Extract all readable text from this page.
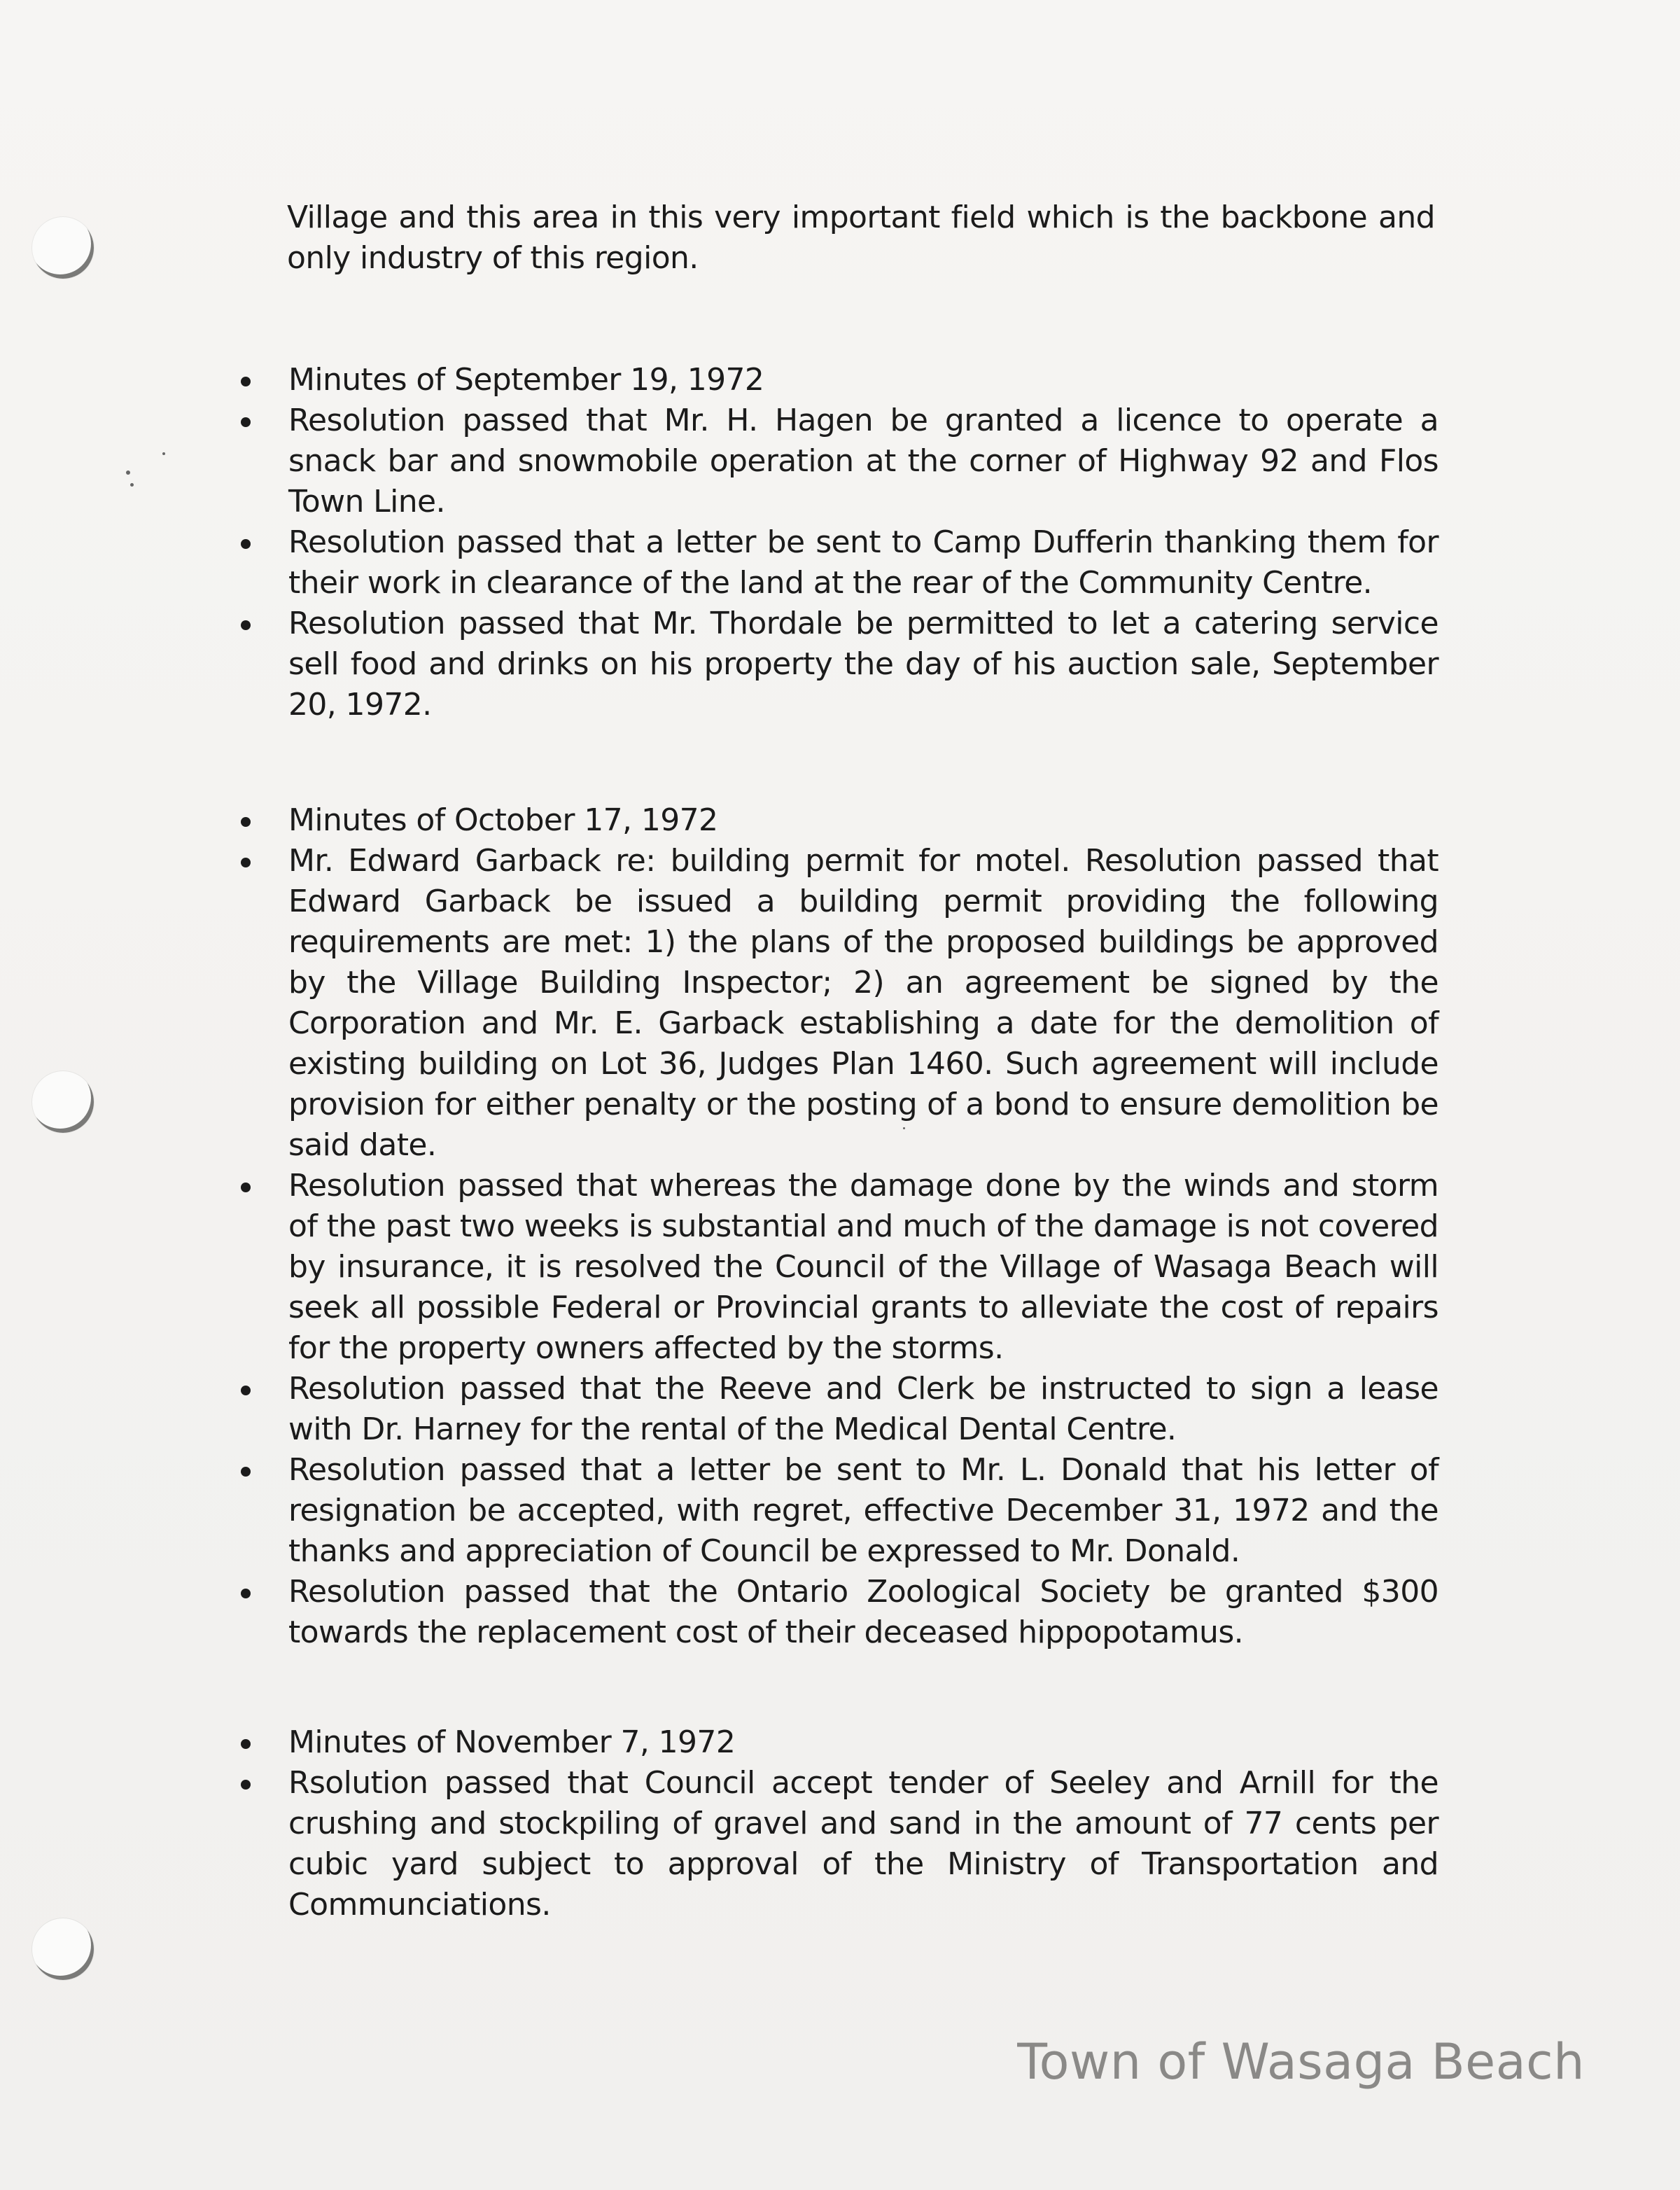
Village and this area in this very important field which is the backbone and only industry of this region.
Minutes of September 19, 1972
Resolution passed that Mr. H. Hagen be granted a licence to operate a snack bar and snowmobile operation at the corner of Highway 92 and Flos Town Line.
Resolution passed that a letter be sent to Camp Dufferin thanking them for their work in clearance of the land at the rear of the Community Centre.
Resolution passed that Mr. Thordale be permitted to let a catering service sell food and drinks on his property the day of his auction sale, September 20, 1972.
Minutes of October 17, 1972
Mr. Edward Garback re: building permit for motel. Resolution passed that Edward Garback be issued a building permit providing the following requirements are met: 1) the plans of the proposed buildings be approved by the Village Building Inspector; 2) an agreement be signed by the Corporation and Mr. E. Garback establishing a date for the demolition of existing building on Lot 36, Judges Plan 1460. Such agreement will include provision for either penalty or the posting of a bond to ensure demolition be said date.
Resolution passed that whereas the damage done by the winds and storm of the past two weeks is substantial and much of the damage is not covered by insurance, it is resolved the Council of the Village of Wasaga Beach will seek all possible Federal or Provincial grants to alleviate the cost of repairs for the property owners affected by the storms.
Resolution passed that the Reeve and Clerk be instructed to sign a lease with Dr. Harney for the rental of the Medical Dental Centre.
Resolution passed that a letter be sent to Mr. L. Donald that his letter of resignation be accepted, with regret, effective December 31, 1972 and the thanks and appreciation of Council be expressed to Mr. Donald.
Resolution passed that the Ontario Zoological Society be granted $300 towards the replacement cost of their deceased hippopotamus.
Minutes of November 7, 1972
Rsolution passed that Council accept tender of Seeley and Arnill for the crushing and stockpiling of gravel and sand in the amount of 77 cents per cubic yard subject to approval of the Ministry of Transportation and Communciations.
Town of Wasaga Beach
